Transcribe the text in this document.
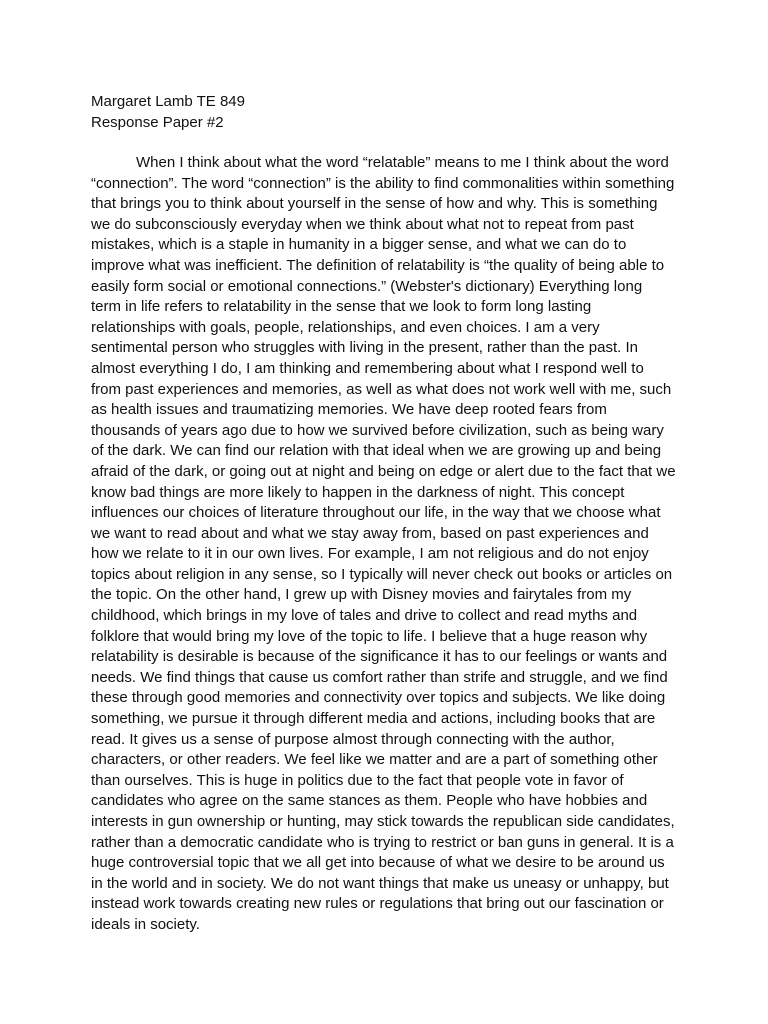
Margaret Lamb TE 849
Response Paper #2
When I think about what the word “relatable” means to me I think about the word
“connection”. The word “connection” is the ability to find commonalities within something
that brings you to think about yourself in the sense of how and why. This is something
we do subconsciously everyday when we think about what not to repeat from past
mistakes, which is a staple in humanity in a bigger sense, and what we can do to
improve what was inefficient. The definition of relatability is “the quality of being able to
easily form social or emotional connections.” (Webster's dictionary) Everything long
term in life refers to relatability in the sense that we look to form long lasting
relationships with goals, people, relationships, and even choices. I am a very
sentimental person who struggles with living in the present, rather than the past. In
almost everything I do, I am thinking and remembering about what I respond well to
from past experiences and memories, as well as what does not work well with me, such
as health issues and traumatizing memories. We have deep rooted fears from
thousands of years ago due to how we survived before civilization, such as being wary
of the dark. We can find our relation with that ideal when we are growing up and being
afraid of the dark, or going out at night and being on edge or alert due to the fact that we
know bad things are more likely to happen in the darkness of night. This concept
influences our choices of literature throughout our life, in the way that we choose what
we want to read about and what we stay away from, based on past experiences and
how we relate to it in our own lives. For example, I am not religious and do not enjoy
topics about religion in any sense, so I typically will never check out books or articles on
the topic. On the other hand, I grew up with Disney movies and fairytales from my
childhood, which brings in my love of tales and drive to collect and read myths and
folklore that would bring my love of the topic to life. I believe that a huge reason why
relatability is desirable is because of the significance it has to our feelings or wants and
needs. We find things that cause us comfort rather than strife and struggle, and we find
these through good memories and connectivity over topics and subjects. We like doing
something, we pursue it through different media and actions, including books that are
read. It gives us a sense of purpose almost through connecting with the author,
characters, or other readers. We feel like we matter and are a part of something other
than ourselves. This is huge in politics due to the fact that people vote in favor of
candidates who agree on the same stances as them. People who have hobbies and
interests in gun ownership or hunting, may stick towards the republican side candidates,
rather than a democratic candidate who is trying to restrict or ban guns in general. It is a
huge controversial topic that we all get into because of what we desire to be around us
in the world and in society. We do not want things that make us uneasy or unhappy, but
instead work towards creating new rules or regulations that bring out our fascination or
ideals in society.
